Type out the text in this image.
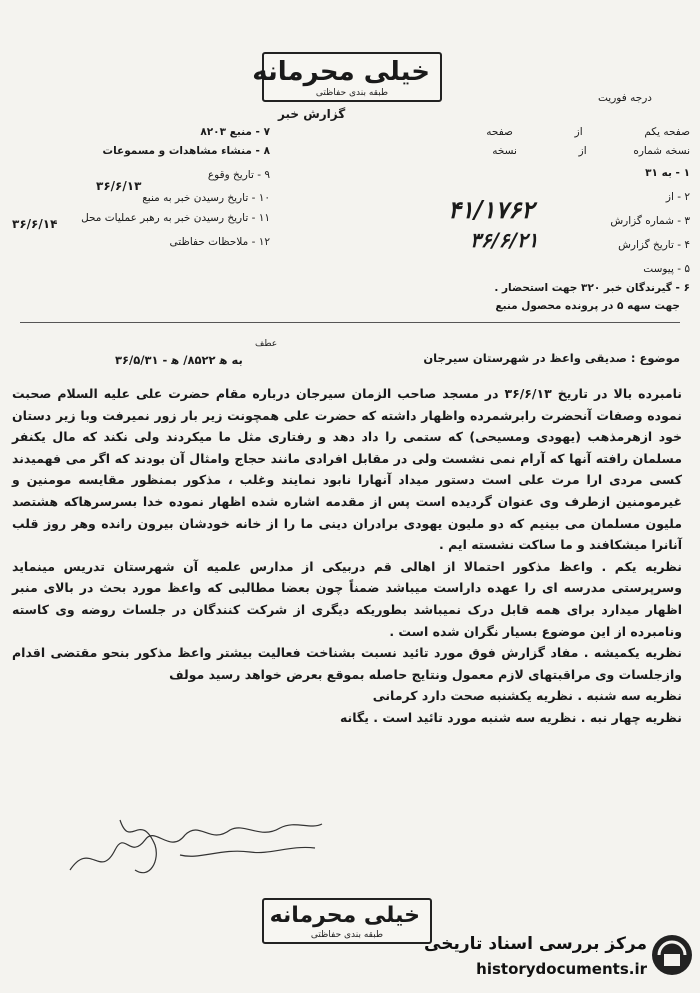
خیلی محرمانه
طبقه بندی حفاظتی
گزارش خبر
درجه فوریت
صفحه یکم  از  صفحه
نسخه شماره  از  نسخه
۱ - به ۳۱
۲ - از
۳ - شماره گزارش
۴ - تاریخ گزارش
۵ - پیوست
۶ - گیرندگان خبر ۳۲۰ جهت استحضار .
جهت سهه ۵ در پرونده محصول منبع
۴۱/۱۷۶۲
۳۶/۶/۲۱
۷ - منبع ۸۲۰۳
۸ - منشاء مشاهدات و مسموعات
۹ - تاریخ وقوع
۳۶/۶/۱۳
۱۰ - تاریخ رسیدن خبر به منبع
۱۱ - تاریخ رسیدن خبر به رهبر عملیات محل
۳۶/۶/۱۴
۱۲ - ملاحظات حفاظتی
عطف
به ه‍ ۸۵۲۲/ ه‍ - ۳۶/۵/۳۱	موضوع : صدیقی واعظ در شهرستان سیرجان

نامبرده بالا در تاریخ ۳۶/۶/۱۳ در مسجد صاحب الزمان سیرجان درباره مقام حضرت علی علیه السلام صحبت نموده وصفات آنحضرت رابرشمرده واظهار داشته که حضرت علی همچونت زیر بار زور نمیرفت وبا زیر دستان خود ازهرمذهب (یهودی ومسیحی) که ستمی را داد دهد و رفتاری مثل ما میکردند ولی نکند که مال یکنفر مسلمان رافته آنها که آرام نمی نشست ولی در مقابل افرادی مانند حجاج وامثال آن بودند که اگر می فهمیدند کسی مردی ارا مرت علی است دستور میداد آنهارا نابود نمایند وغلب ، مذکور بمنظور مقایسه مومنین و غیرمومنین ازطرف وی عنوان گردیده است پس از مقدمه اشاره شده اظهار نموده خدا بسرسرهاکه هشتصد ملیون مسلمان می بینیم که دو ملیون یهودی برادران دینی ما را از خانه خودشان بیرون رانده وهر روز قلب آنانرا میشکافند و ما ساکت نشسته ایم .

نظریه یکم . واعظ مذکور احتمالا از اهالی قم دربیکی از مدارس علمیه آن شهرستان تدریس مینماید وسرپرستی مدرسه ای را عهده داراست میباشد ضمناً چون بعضا مطالبی که واعظ مورد بحث در بالای منبر اظهار میدارد برای همه قابل درک نمیباشد بطوریکه دیگری از شرکت کنندگان در جلسات روضه وی کاسته ونامبرده از این موضوع بسیار نگران شده است .

نظریه یکمیشه . مفاد گزارش فوق مورد تائید نسبت بشناخت فعالیت بیشتر واعظ مذکور بنحو مقتضی اقدام وازجلسات وی مراقبتهای لازم معمول ونتایج حاصله بموقع بعرض خواهد رسید مولف

نظریه سه شنبه . نظریه یکشنبه صحت دارد کرمانی

نظریه چهار نبه . نظریه سه شنبه مورد تائید است . یگانه

خیلی محرمانه
طبقه بندی حفاظتی	مرکز بررسی اسناد تاریخی
historydocuments.ir
